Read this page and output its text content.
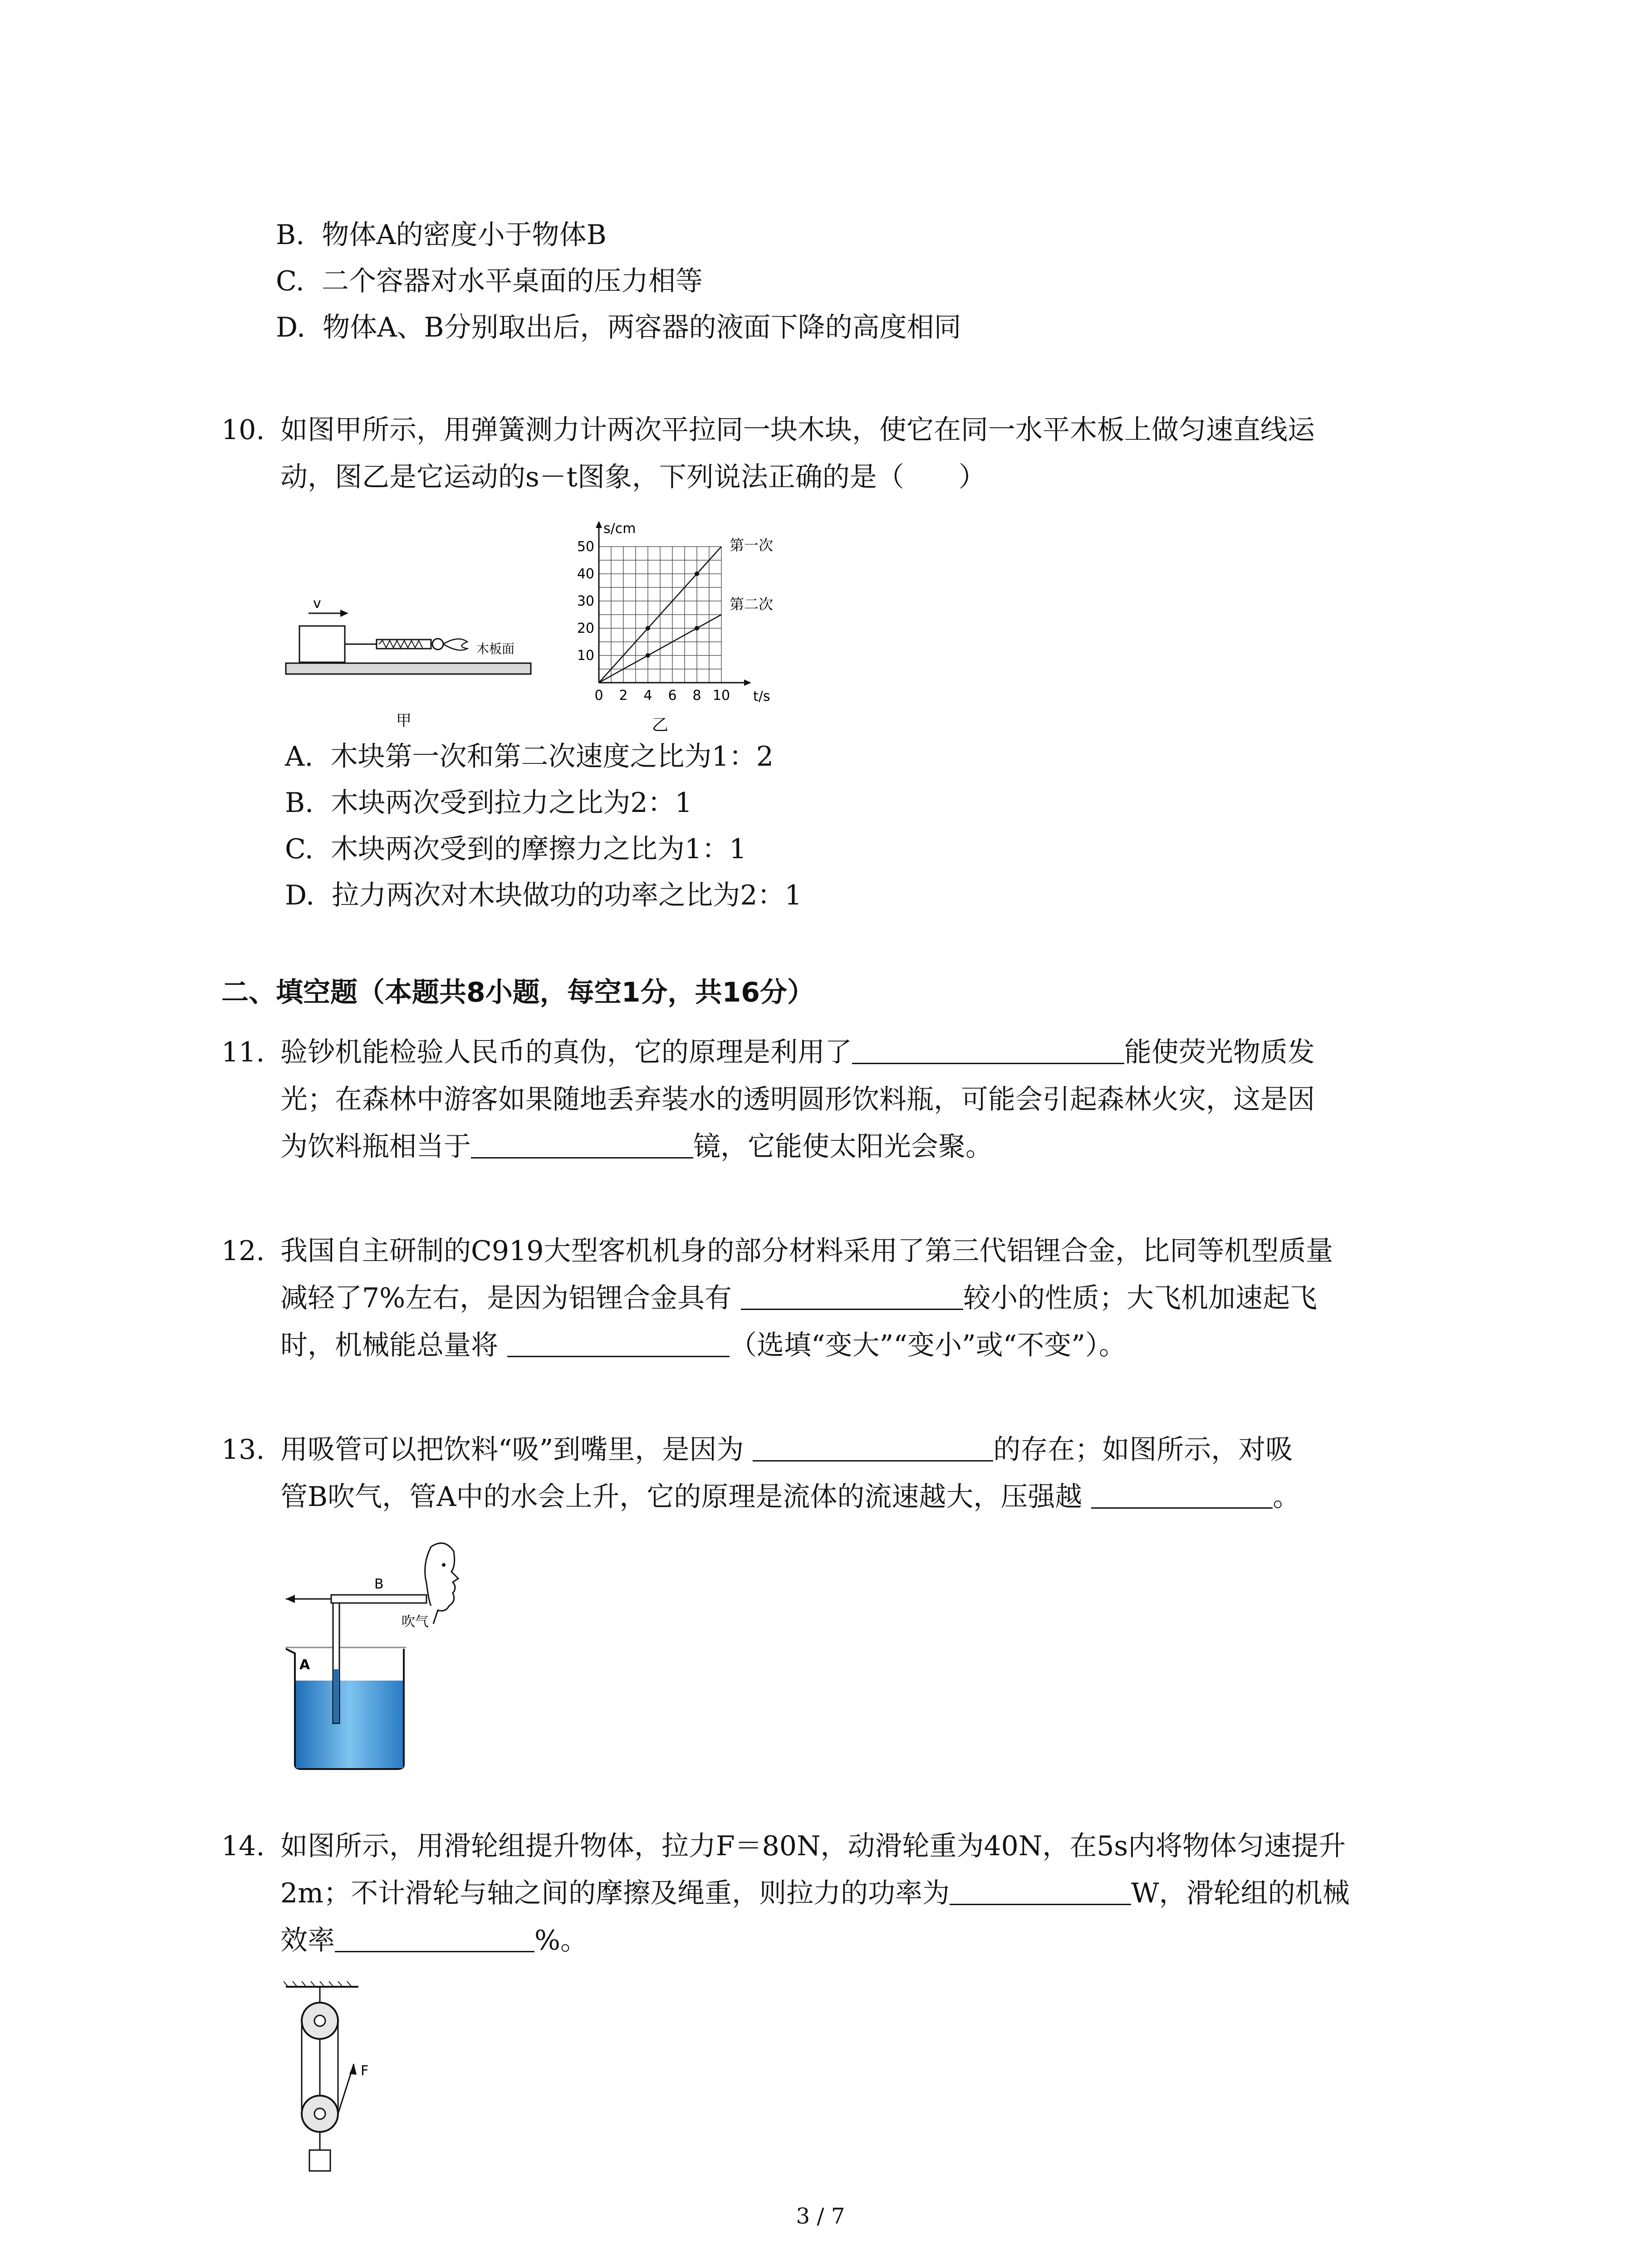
B. 物体A的密度小于物体B
C. 二个容器对水平桌面的压力相等
D. 物体A、B分别取出后，两容器的液面下降的高度相同
10. 如图甲所示，用弹簧测力计两次平拉同一块木块，使它在同一水平木板上做匀速直线运
动，图乙是它运动的s－t图象，下列说法正确的是（　　）
v
木板面
甲
0 2 4 6 8 10
10
20
30
40
50
t/s
s/cm
第一次
第二次
乙
A. 木块第一次和第二次速度之比为1：2
B. 木块两次受到拉力之比为2：1
C. 木块两次受到的摩擦力之比为1：1
D. 拉力两次对木块做功的功率之比为2：1
二、填空题（本题共8小题，每空1分，共16分）
11. 验钞机能检验人民币的真伪，它的原理是利用了	能使荧光物质发
光；在森林中游客如果随地丢弃装水的透明圆形饮料瓶，可能会引起森林火灾，这是因
为饮料瓶相当于	镜，它能使太阳光会聚。
12. 我国自主研制的C919大型客机机身的部分材料采用了第三代铝锂合金，比同等机型质量
减轻了7%左右，是因为铝锂合金具有	较小的性质；大飞机加速起飞
时，机械能总量将	（选填“变大”“变小”或“不变”）。
13. 用吸管可以把饮料“吸”到嘴里，是因为	的存在；如图所示，对吸
管B吹气，管A中的水会上升，它的原理是流体的流速越大，压强越	。
B
吹气
A
14. 如图所示，用滑轮组提升物体，拉力F＝80N，动滑轮重为40N，在5s内将物体匀速提升
2m；不计滑轮与轴之间的摩擦及绳重，则拉力的功率为	W，滑轮组的机械
效率	%。
F
3 / 7
